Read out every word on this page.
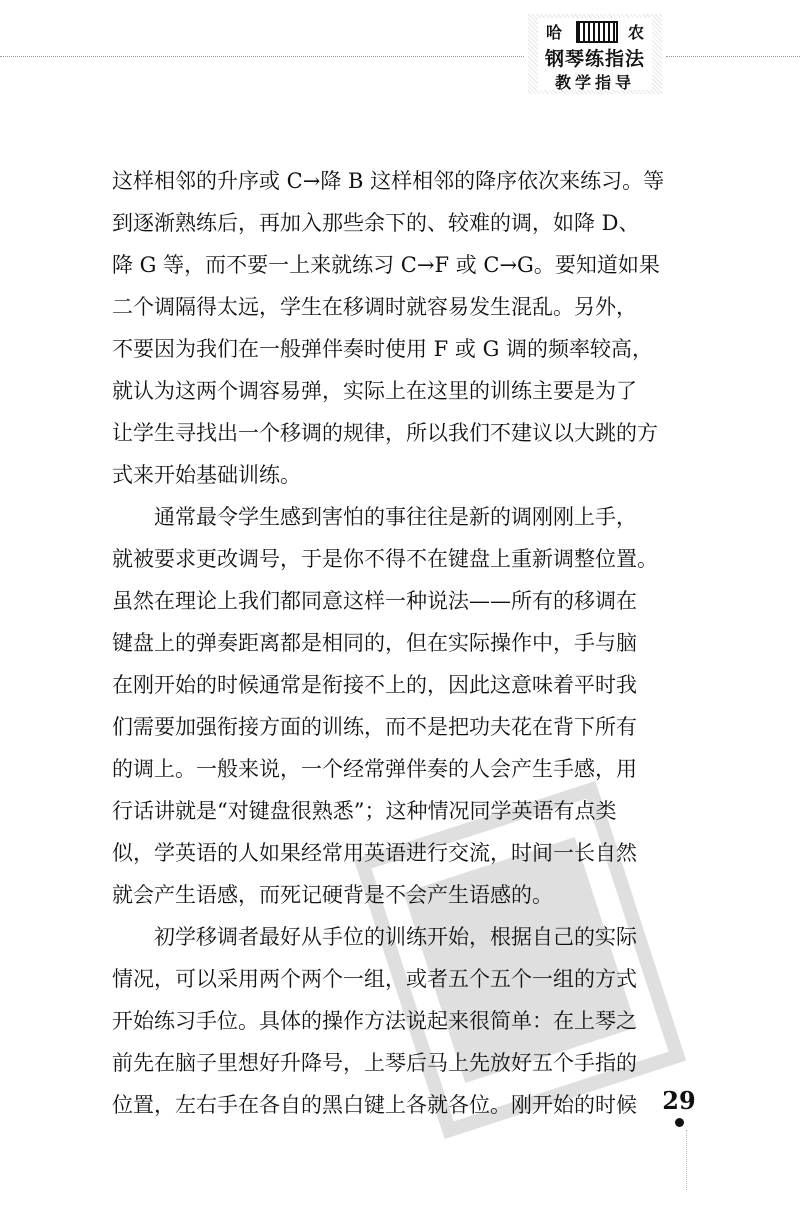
哈	农
钢琴练指法
教学指导

这样相邻的升序或 C→降 B 这样相邻的降序依次来练习。等
到逐渐熟练后，再加入那些余下的、较难的调，如降 D、
降 G 等，而不要一上来就练习 C→F 或 C→G。要知道如果
二个调隔得太远，学生在移调时就容易发生混乱。另外，
不要因为我们在一般弹伴奏时使用 F 或 G 调的频率较高，
就认为这两个调容易弹，实际上在这里的训练主要是为了
让学生寻找出一个移调的规律，所以我们不建议以大跳的方
式来开始基础训练。

通常最令学生感到害怕的事往往是新的调刚刚上手，
就被要求更改调号，于是你不得不在键盘上重新调整位置。
虽然在理论上我们都同意这样一种说法——所有的移调在
键盘上的弹奏距离都是相同的，但在实际操作中，手与脑
在刚开始的时候通常是衔接不上的，因此这意味着平时我
们需要加强衔接方面的训练，而不是把功夫花在背下所有
的调上。一般来说，一个经常弹伴奏的人会产生手感，用
行话讲就是“对键盘很熟悉”；这种情况同学英语有点类
似，学英语的人如果经常用英语进行交流，时间一长自然
就会产生语感，而死记硬背是不会产生语感的。

初学移调者最好从手位的训练开始，根据自己的实际
情况，可以采用两个两个一组，或者五个五个一组的方式
开始练习手位。具体的操作方法说起来很简单：在上琴之
前先在脑子里想好升降号，上琴后马上先放好五个手指的
位置，左右手在各自的黑白键上各就各位。刚开始的时候	29
